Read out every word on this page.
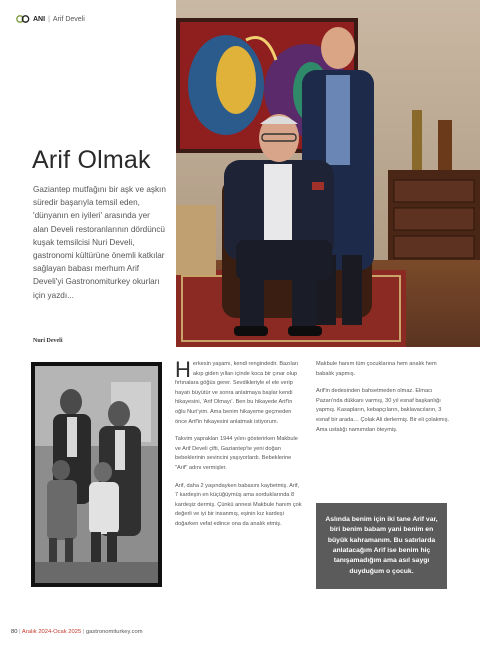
ANI | Arif Develi
Arif Olmak

Gaziantep mutfağını bir aşk ve aşkın süredir başarıyla temsil eden, 'dünyanın en iyileri' arasında yer alan Develi restoranlarının dördüncü kuşak temsilcisi Nuri Develi, gastronomi kültürüne önemli katkılar sağlayan babası merhum Arif Develi'yi Gastronomiturkey okurları için yazdı...

Nuri Develi

Herkesin yaşamı, kendi rengindedir. Bazıları akıp giden yılları içinde koca bir çınar olup fırtınalara göğüs gerer. Sevdikleriyle el ele verip hayatı büyütür ve sonra anlatmaya başlar kendi hikayesini, 'Arif Olmayı'. Ben bu hikayede Arif'in oğlu Nuri'yim. Ama benim hikayeme geçmeden önce Arif'in hikayesini anlatmak istiyorum.

Takvim yaprakları 1944 yılını gösterirken Makbule ve Arif Develi çifti, Gaziantep'te yeni doğan bebeklerinin sevincini yaşıyorlardı. Bebeklerine "Arif" adını vermişler.

Arif, daha 2 yaşındayken babasını kaybetmiş. Arif, 7 kardeşin en küçüğüymüş ama sorduklarında 8 kardeşiz dermiş. Çünkü annesi Makbule hanım çok değerli ve iyi bir insanmış, eşinin kız kardeşi doğarken vefat edince ona da analık etmiş.

Makbule hanım tüm çocuklarına hem analık hem babalık yapmış.

Arif'in dedesinden bahsetmeden olmaz. Elmacı Pazarı'nda dükkanı varmış, 30 yıl esnaf başkanlığı yapmış. Kasapların, kebapçıların, baklavacıların, 3 esnaf bir arada… Çolak Ali derlermiş. Bir eli çolakmış. Ama ustalığı namımdan öteymiş.

Aslında benim için iki tane Arif var, biri benim babam yani benim en büyük kahramanım. Bu satırlarda anlatacağım Arif ise benim hiç tanışamadığım ama asıl saygı duyduğum o çocuk.
80 | Aralık 2024-Ocak 2025 | gastronomiturkey.com
